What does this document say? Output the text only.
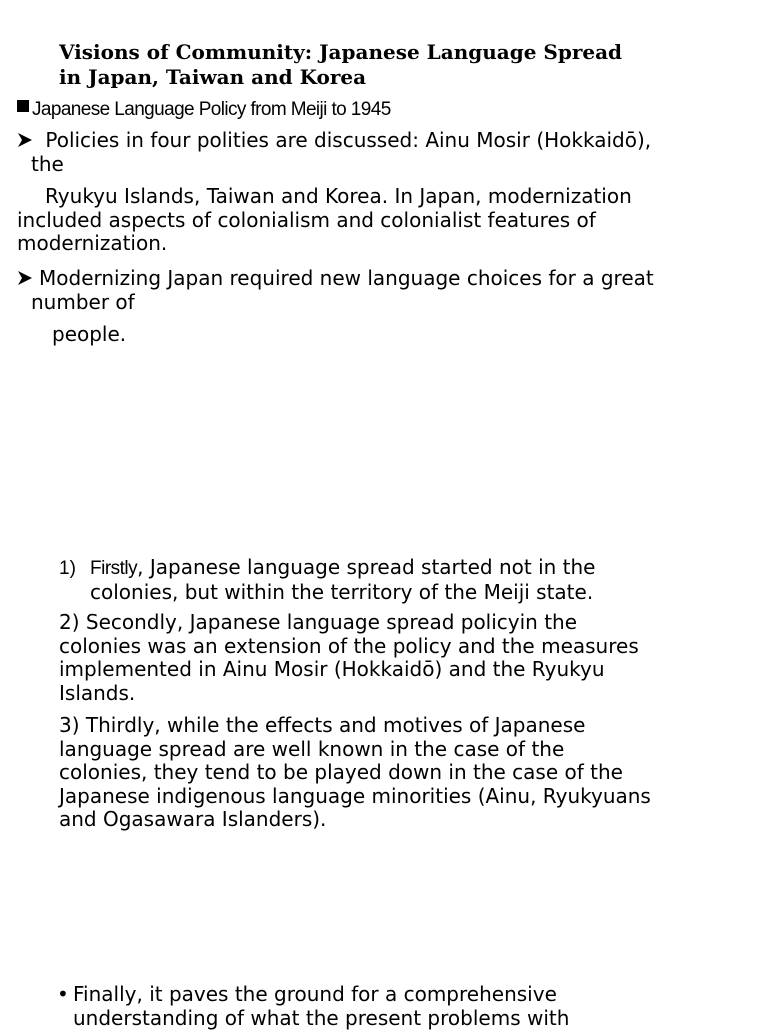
Visions of Community: Japanese Language Spread
in Japan, Taiwan and Korea
Japanese Language Policy from Meiji to 1945
Policies in four polities are discussed: Ainu Mosir (Hokkaidō),
the
Ryukyu Islands, Taiwan and Korea. In Japan, modernization
included aspects of colonialism and colonialist features of
modernization.
Modernizing Japan required new language choices for a great
number of
people.
1) Firstly, Japanese language spread started not in the
colonies, but within the territory of the Meiji state.
2) Secondly, Japanese language spread policyin the
colonies was an extension of the policy and the measures
implemented in Ainu Mosir (Hokkaidō) and the Ryukyu
Islands.
3) Thirdly, while the effects and motives of Japanese
language spread are well known in the case of the
colonies, they tend to be played down in the case of the
Japanese indigenous language minorities (Ainu, Ryukyuans
and Ogasawara Islanders).
• Finally, it paves the ground for a comprehensive
understanding of what the present problems with
